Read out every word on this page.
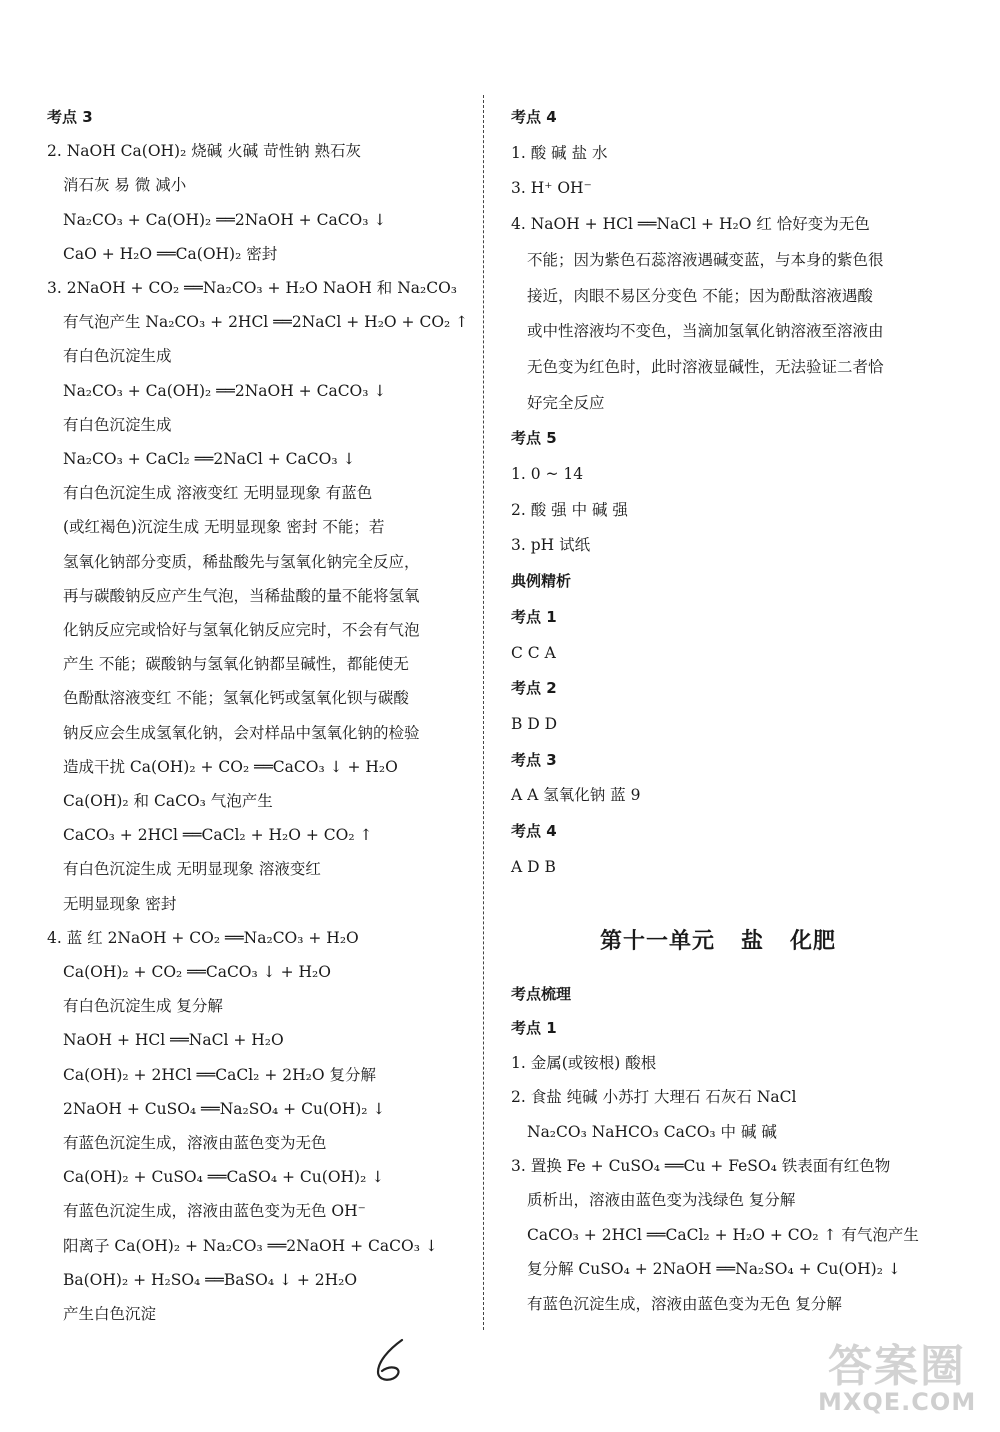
考点 3
2. NaOH Ca(OH)₂ 烧碱 火碱 苛性钠 熟石灰
消石灰 易 微 减小
Na₂CO₃ + Ca(OH)₂ ══2NaOH + CaCO₃ ↓
CaO + H₂O ══Ca(OH)₂ 密封
3. 2NaOH + CO₂ ══Na₂CO₃ + H₂O NaOH 和 Na₂CO₃
有气泡产生 Na₂CO₃ + 2HCl ══2NaCl + H₂O + CO₂ ↑
有白色沉淀生成
Na₂CO₃ + Ca(OH)₂ ══2NaOH + CaCO₃ ↓
有白色沉淀生成
Na₂CO₃ + CaCl₂ ══2NaCl + CaCO₃ ↓
有白色沉淀生成 溶液变红 无明显现象 有蓝色
(或红褐色)沉淀生成 无明显现象 密封 不能；若
氢氧化钠部分变质，稀盐酸先与氢氧化钠完全反应，
再与碳酸钠反应产生气泡，当稀盐酸的量不能将氢氧
化钠反应完或恰好与氢氧化钠反应完时，不会有气泡
产生 不能；碳酸钠与氢氧化钠都呈碱性，都能使无
色酚酞溶液变红 不能；氢氧化钙或氢氧化钡与碳酸
钠反应会生成氢氧化钠，会对样品中氢氧化钠的检验
造成干扰 Ca(OH)₂ + CO₂ ══CaCO₃ ↓ + H₂O
Ca(OH)₂ 和 CaCO₃ 气泡产生
CaCO₃ + 2HCl ══CaCl₂ + H₂O + CO₂ ↑
有白色沉淀生成 无明显现象 溶液变红
无明显现象 密封
4. 蓝 红 2NaOH + CO₂ ══Na₂CO₃ + H₂O
Ca(OH)₂ + CO₂ ══CaCO₃ ↓ + H₂O
有白色沉淀生成 复分解
NaOH + HCl ══NaCl + H₂O
Ca(OH)₂ + 2HCl ══CaCl₂ + 2H₂O 复分解
2NaOH + CuSO₄ ══Na₂SO₄ + Cu(OH)₂ ↓
有蓝色沉淀生成，溶液由蓝色变为无色
Ca(OH)₂ + CuSO₄ ══CaSO₄ + Cu(OH)₂ ↓
有蓝色沉淀生成，溶液由蓝色变为无色 OH⁻
阳离子 Ca(OH)₂ + Na₂CO₃ ══2NaOH + CaCO₃ ↓
Ba(OH)₂ + H₂SO₄ ══BaSO₄ ↓ + 2H₂O
产生白色沉淀
考点 4
1. 酸 碱 盐 水
3. H⁺ OH⁻
4. NaOH + HCl ══NaCl + H₂O 红 恰好变为无色
不能；因为紫色石蕊溶液遇碱变蓝，与本身的紫色很
接近，肉眼不易区分变色 不能；因为酚酞溶液遇酸
或中性溶液均不变色，当滴加氢氧化钠溶液至溶液由
无色变为红色时，此时溶液显碱性，无法验证二者恰
好完全反应
考点 5
1. 0 ~ 14
2. 酸 强 中 碱 强
3. pH 试纸
典例精析
考点 1
C C A
考点 2
B D D
考点 3
A A 氢氧化钠 蓝 9
考点 4
A D B
考点梳理
考点 1
1. 金属(或铵根) 酸根
2. 食盐 纯碱 小苏打 大理石 石灰石 NaCl
Na₂CO₃ NaHCO₃ CaCO₃ 中 碱 碱
3. 置换 Fe + CuSO₄ ══Cu + FeSO₄ 铁表面有红色物
质析出，溶液由蓝色变为浅绿色 复分解
CaCO₃ + 2HCl ══CaCl₂ + H₂O + CO₂ ↑ 有气泡产生
复分解 CuSO₄ + 2NaOH ══Na₂SO₄ + Cu(OH)₂ ↓
有蓝色沉淀生成，溶液由蓝色变为无色 复分解
第十一单元   盐   化肥
答案圈
MXQE.COM
